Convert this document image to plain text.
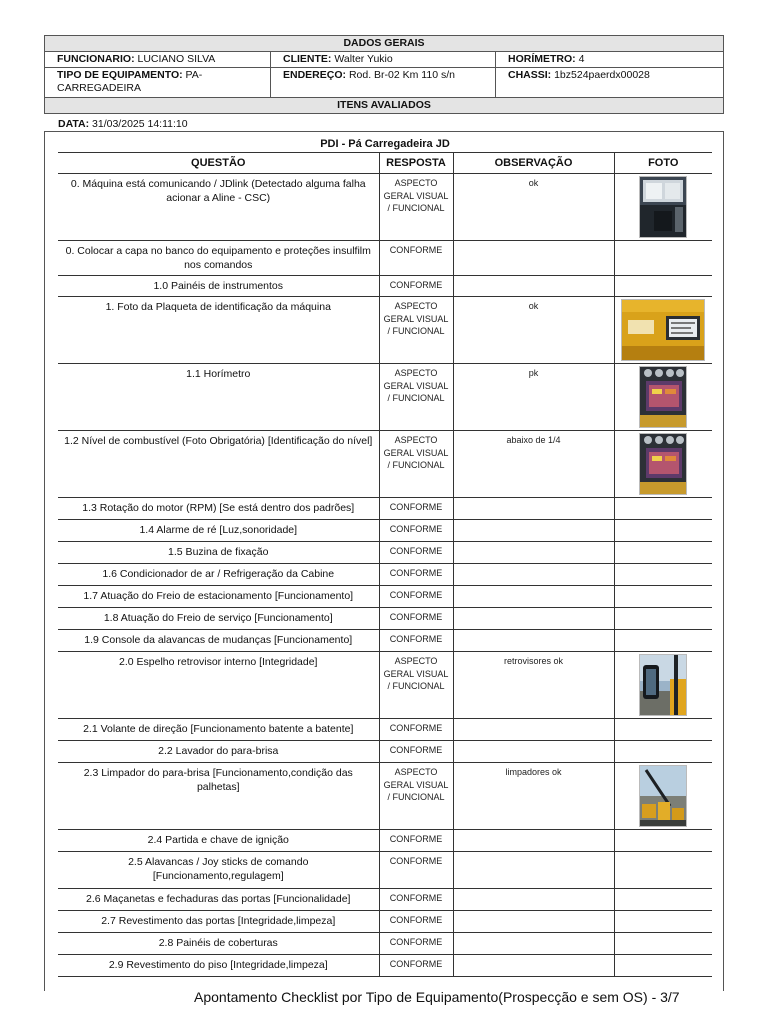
DADOS GERAIS		
FUNCIONARIO: LUCIANO SILVA	CLIENTE: Walter Yukio	HORÍMETRO: 4
TIPO DE EQUIPAMENTO: PA-CARREGADEIRA	ENDEREÇO: Rod. Br-02 Km 110 s/n	CHASSI: 1bz524paerdx00028
ITENS AVALIADOS		
DATA: 31/03/2025 14:11:10
PDI - Pá Carregadeira JD
QUESTÃO	RESPOSTA	OBSERVAÇÃO	FOTO
0. Máquina está comunicando / JDlink (Detectado alguma falha acionar a Aline - CSC)	ASPECTO GERAL VISUAL / FUNCIONAL	ok	

0. Colocar a capa no banco do equipamento e proteções insulfilm nos comandos	CONFORME		
1.0 Painéis de instrumentos	CONFORME		
1. Foto da Plaqueta de identificação da máquina	ASPECTO GERAL VISUAL / FUNCIONAL	ok	

1.1 Horímetro	ASPECTO GERAL VISUAL / FUNCIONAL	pk	

1.2 Nível de combustível (Foto Obrigatória) [Identificação do nível]	ASPECTO GERAL VISUAL / FUNCIONAL	abaixo de 1/4	

1.3 Rotação do motor (RPM) [Se está dentro dos padrões]	CONFORME		
1.4 Alarme de ré [Luz,sonoridade]	CONFORME		
1.5 Buzina de fixação	CONFORME		
1.6 Condicionador de ar / Refrigeração da Cabine	CONFORME		
1.7 Atuação do Freio de estacionamento [Funcionamento]	CONFORME		
1.8 Atuação do Freio de serviço [Funcionamento]	CONFORME		
1.9 Console da alavancas de mudanças [Funcionamento]	CONFORME		
2.0 Espelho retrovisor interno [Integridade]	ASPECTO GERAL VISUAL / FUNCIONAL	retrovisores ok	

2.1 Volante de direção [Funcionamento batente a batente]	CONFORME		
2.2 Lavador do para-brisa	CONFORME		
2.3 Limpador do para-brisa [Funcionamento,condição das palhetas]	ASPECTO GERAL VISUAL / FUNCIONAL	limpadores ok	

2.4 Partida e chave de ignição	CONFORME		
2.5 Alavancas / Joy sticks de comando [Funcionamento,regulagem]	CONFORME		
2.6 Maçanetas e fechaduras das portas [Funcionalidade]	CONFORME		
2.7 Revestimento das portas [Integridade,limpeza]	CONFORME		
2.8 Painéis de coberturas	CONFORME		
2.9 Revestimento do piso [Integridade,limpeza]	CONFORME		
Apontamento Checklist por Tipo de Equipamento(Prospecção e sem OS) - 3/7
